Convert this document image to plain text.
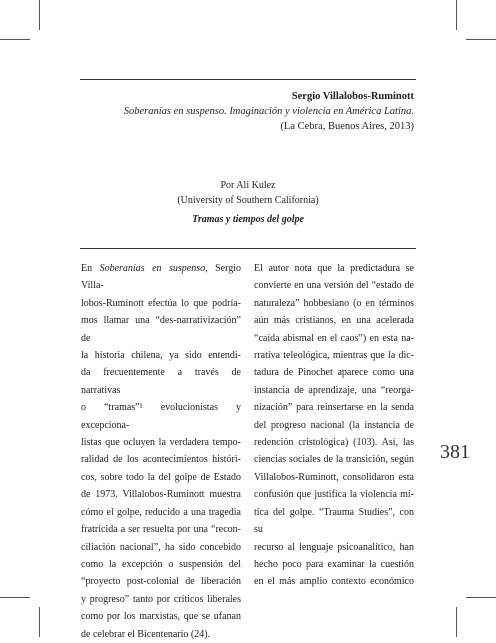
Sergio Villalobos-Ruminott
Soberanías en suspenso. Imaginación y violencia en América Latina.
(La Cebra, Buenos Aires, 2013)
Por Ali Kulez
(University of Southern California)
Tramas y tiempos del golpe
En Soberanías en suspenso, Sergio Villa-
lobos-Ruminott efectúa lo que podría-
mos llamar una “des-narrativización” de
la historia chilena, ya sido entendi-
da frecuentemente a través de narrativas
o “tramas”¹ evolucionistas y excepciona-
listas que ocluyen la verdadera tempo-
ralidad de los acontecimientos históri-
cos, sobre todo la del golpe de Estado
de 1973. Villalobos-Ruminott muestra
cómo el golpe, reducido a una tragedia
fratricida a ser resuelta por una “recon-
ciliación nacional”, ha sido concebido
como la excepción o suspensión del
“proyecto post-colonial de liberación
y progreso” tanto por críticos liberales
como por los marxistas, que se ufanan
de celebrar el Bicentenario (24).
El autor nota que la predictadura se
convierte en una versión del “estado de
naturaleza” hobbesiano (o en términos
aún más cristianos, en una acelerada
“caída abismal en el caos”) en esta na-
rrativa teleológica, mientras que la dic-
tadura de Pinochet aparece como una
instancia de aprendizaje, una “reorga-
nización” para reinsertarse en la senda
del progreso nacional (la instancia de
redención cristológica) (103). Así, las
ciencias sociales de la transición, según
Villalobos-Ruminott, consolidaron esta
confusión que justifica la violencia mí-
tica del golpe. “Trauma Studies”, con su
recurso al lenguaje psicoanalítico, han
hecho poco para examinar la cuestión
en el más amplio contexto económico
381
